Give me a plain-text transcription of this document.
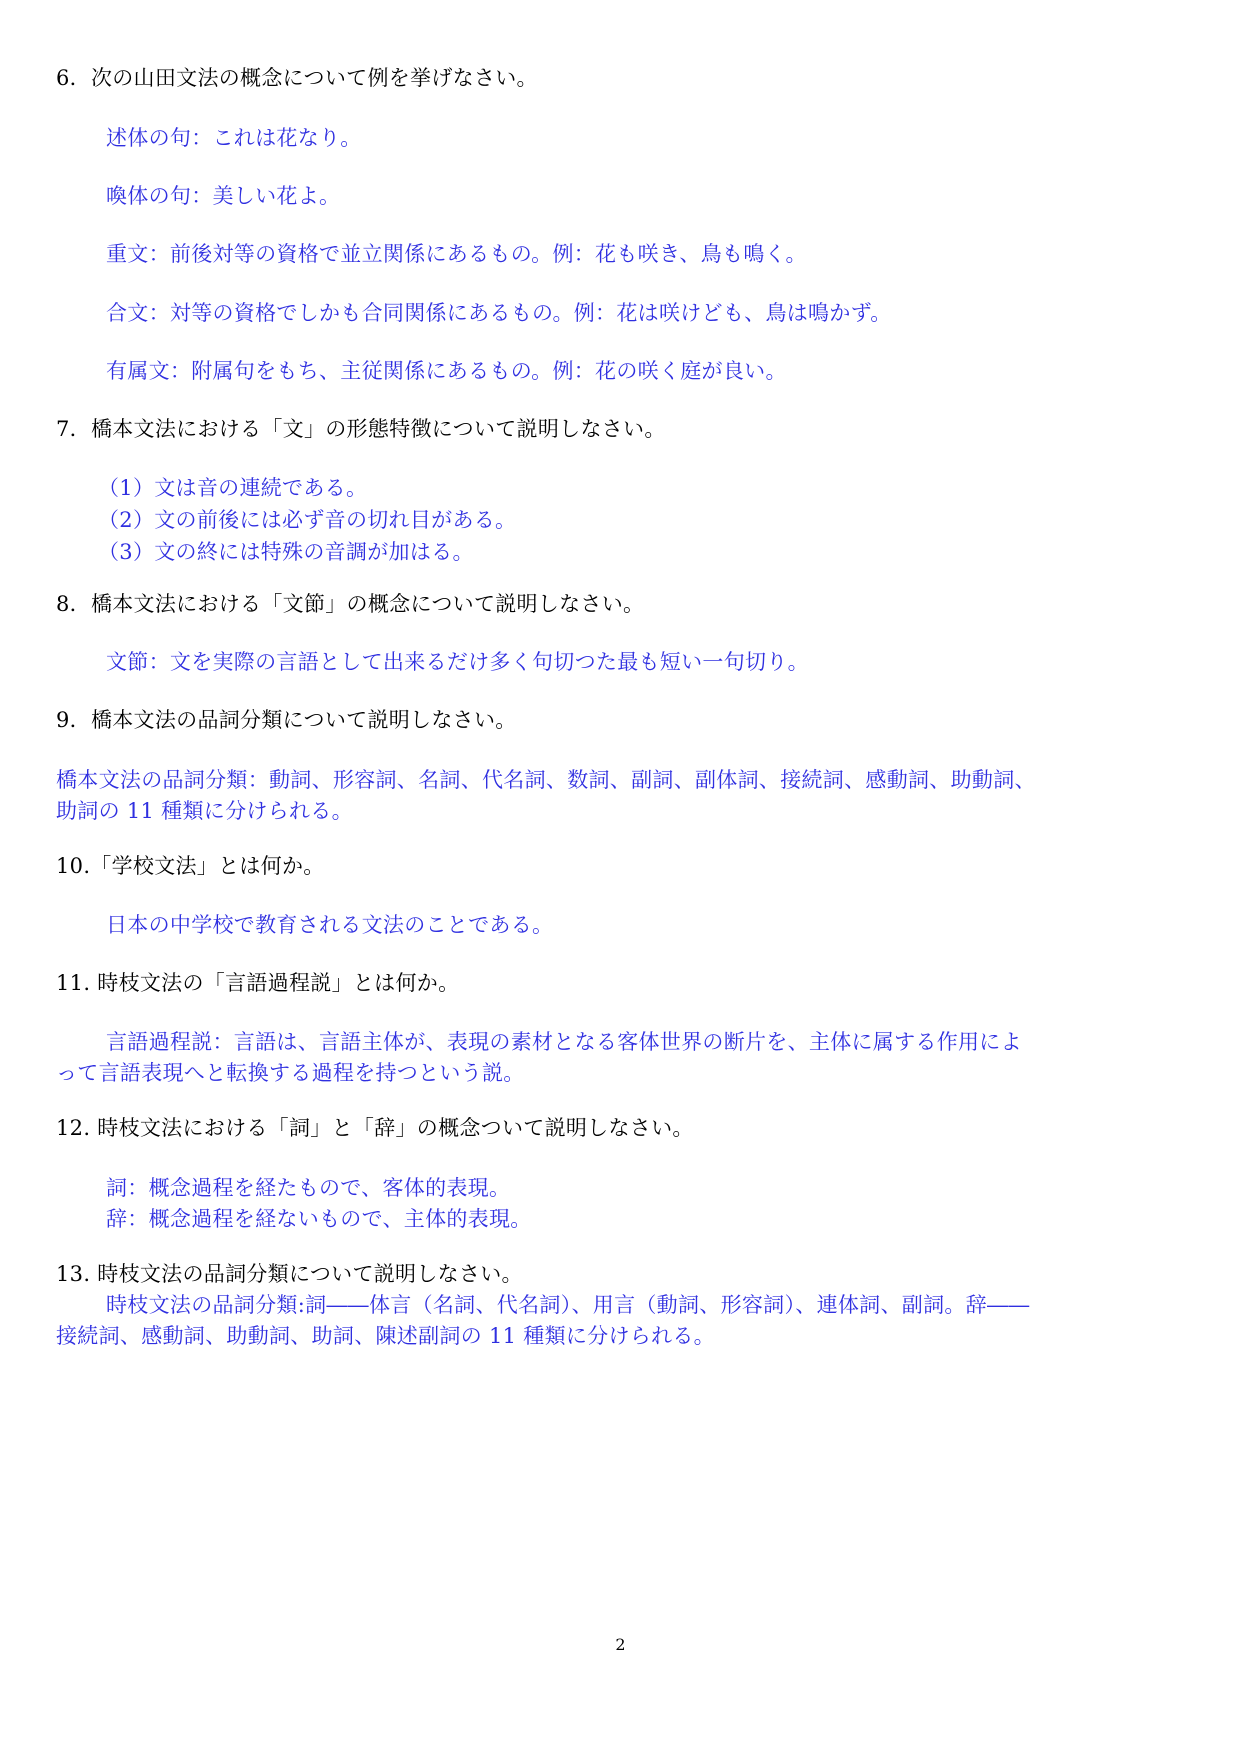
6．次の山田文法の概念について例を挙げなさい。
述体の句：これは花なり。
喚体の句：美しい花よ。
重文：前後対等の資格で並立関係にあるもの。例：花も咲き、鳥も鳴く。
合文：対等の資格でしかも合同関係にあるもの。例：花は咲けども、鳥は鳴かず。
有属文：附属句をもち、主従関係にあるもの。例：花の咲く庭が良い。
7．橋本文法における「文」の形態特徴について説明しなさい。
（1）文は音の連続である。
（2）文の前後には必ず音の切れ目がある。
（3）文の終には特殊の音調が加はる。
8．橋本文法における「文節」の概念について説明しなさい。
文節：文を実際の言語として出来るだけ多く句切つた最も短い一句切り。
9．橋本文法の品詞分類について説明しなさい。
橋本文法の品詞分類：動詞、形容詞、名詞、代名詞、数詞、副詞、副体詞、接続詞、感動詞、助動詞、
助詞の 11 種類に分けられる。
10.「学校文法」とは何か。
日本の中学校で教育される文法のことである。
11. 時枝文法の「言語過程説」とは何か。
言語過程説：言語は、言語主体が、表現の素材となる客体世界の断片を、主体に属する作用によ
って言語表現へと転換する過程を持つという説。
12. 時枝文法における「詞」と「辞」の概念ついて説明しなさい。
詞：概念過程を経たもので、客体的表現。
辞：概念過程を経ないもので、主体的表現。
13. 時枝文法の品詞分類について説明しなさい。
時枝文法の品詞分類:詞――体言（名詞、代名詞）、用言（動詞、形容詞）、連体詞、副詞。辞――
接続詞、感動詞、助動詞、助詞、陳述副詞の 11 種類に分けられる。
2
